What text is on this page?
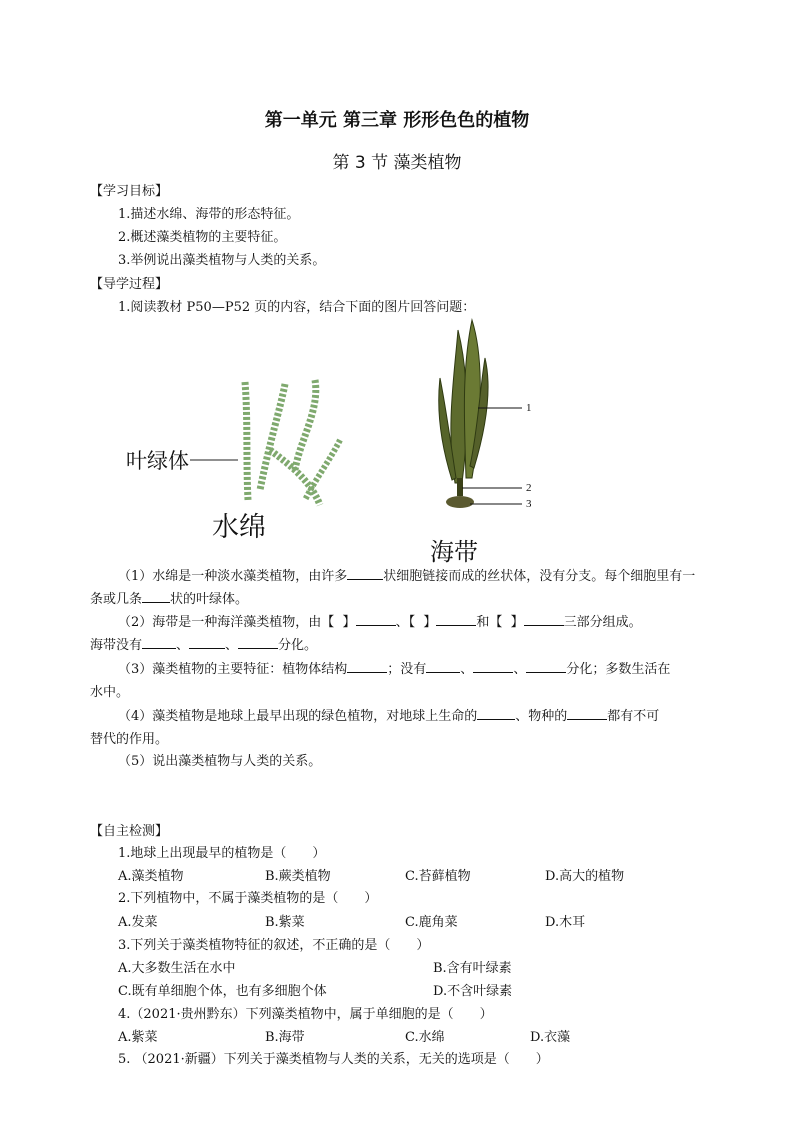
第一单元 第三章 形形色色的植物
第 3 节 藻类植物
【学习目标】
1.描述水绵、海带的形态特征。
2.概述藻类植物的主要特征。
3.举例说出藻类植物与人类的关系。
【导学过程】
1.阅读教材 P50—P52 页的内容，结合下面的图片回答问题：
叶绿体
水绵
1
2
3
海带
（1）水绵是一种淡水藻类植物，由许多	状细胞链接而成的丝状体，没有分支。每个细胞里有一条或几条 状的叶绿体。
（2）海带是一种海洋藻类植物，由【 】	、【 】	和【 】	三部分组成。
海带没有	、	、	分化。
（3）藻类植物的主要特征：植物体结构	；没有	、	、	分化；多数生活在
水中。
（4）藻类植物是地球上最早出现的绿色植物，对地球上生命的	、物种的	都有不可
替代的作用。
（5）说出藻类植物与人类的关系。
【自主检测】
1.地球上出现最早的植物是（　　）
A.藻类植物	B.蕨类植物	C.苔藓植物	D.高大的植物
2.下列植物中，不属于藻类植物的是（　　）
A.发菜	B.紫菜	C.鹿角菜	D.木耳
3.下列关于藻类植物特征的叙述，不正确的是（　　）
A.大多数生活在水中	B.含有叶绿素
C.既有单细胞个体，也有多细胞个体	D.不含叶绿素
4.（2021·贵州黔东）下列藻类植物中，属于单细胞的是（　　）
A.紫菜	B.海带	C.水绵	D.衣藻
5. （2021·新疆）下列关于藻类植物与人类的关系，无关的选项是（　　）
